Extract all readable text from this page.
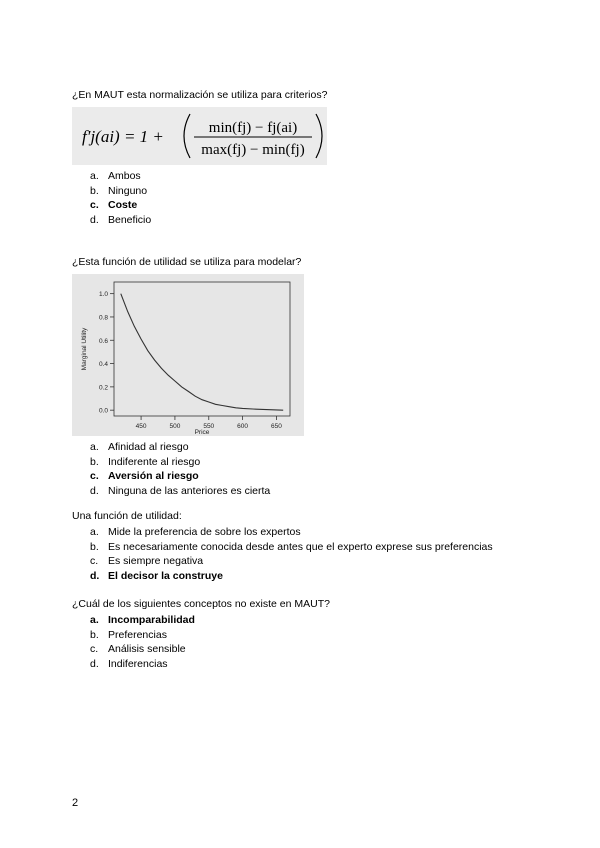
¿En MAUT esta normalización se utiliza para criterios?

f′j(ai) = 1 +	min(fj) − fj(ai)
max(fj) − min(fj)
a. Ambos
b. Ninguno
c. Coste
d. Beneficio

¿Esta función de utilidad se utiliza para modelar?

0.0
0.2
0.4
0.6
0.8
1.0
450	500	550	600	650
Price
Marginal Utility
a. Afinidad al riesgo
b. Indiferente al riesgo
c. Aversión al riesgo
d. Ninguna de las anteriores es cierta

Una función de utilidad:

a. Mide la preferencia de sobre los expertos
b. Es necesariamente conocida desde antes que el experto exprese sus preferencias
c. Es siempre negativa
d. El decisor la construye

¿Cuál de los siguientes conceptos no existe en MAUT?

a. Incomparabilidad
b. Preferencias
c. Análisis sensible
d. Indiferencias
2
